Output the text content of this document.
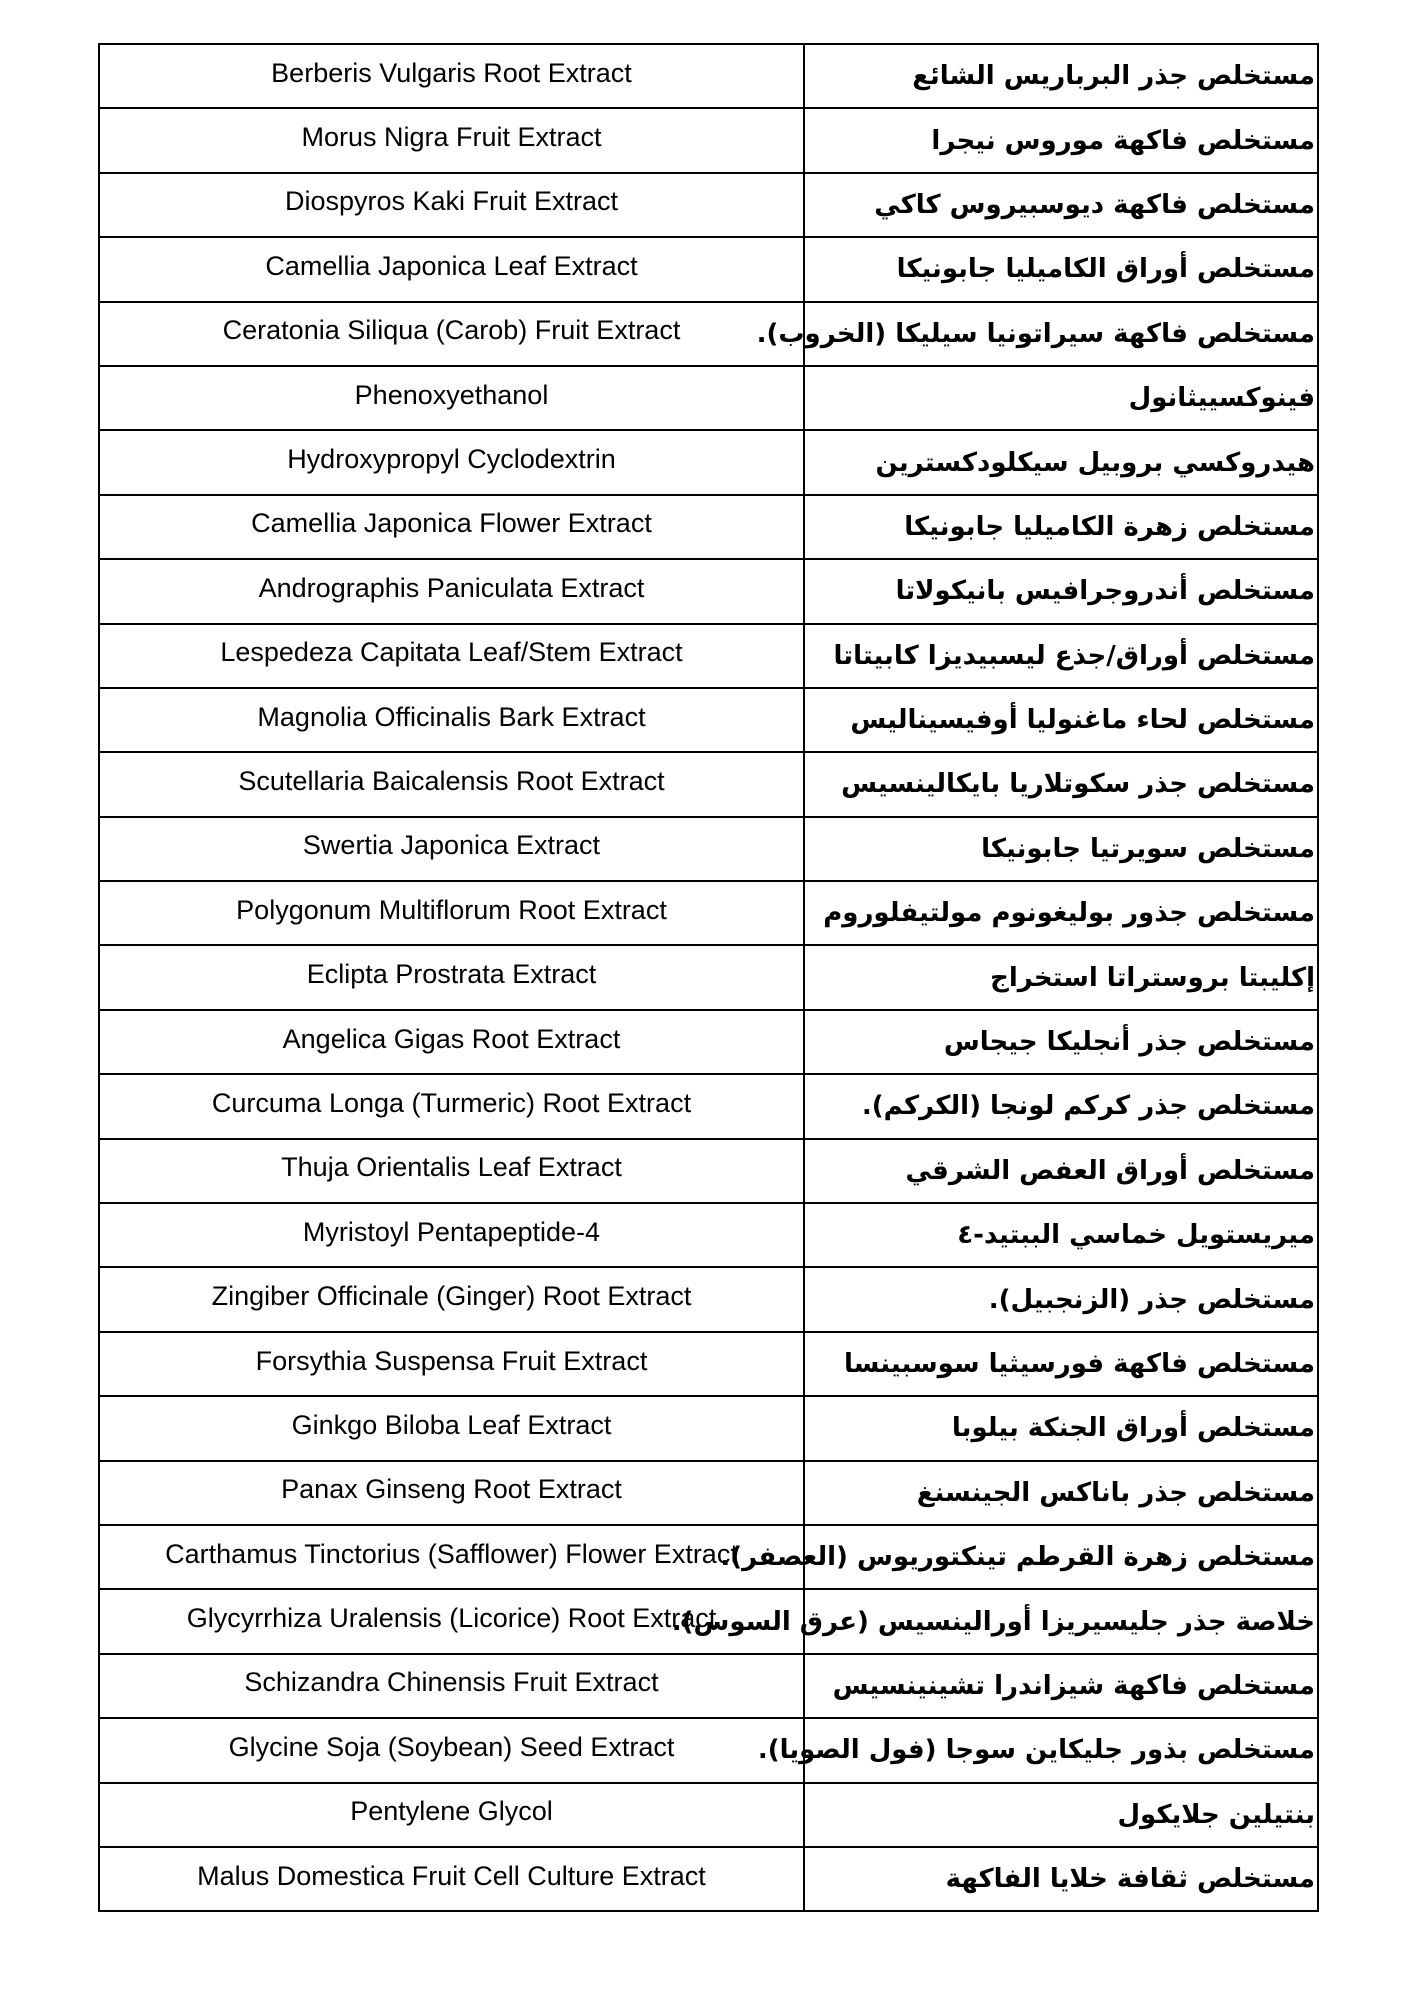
Berberis Vulgaris Root Extract	مستخلص جذر البرباريس الشائع
Morus Nigra Fruit Extract	مستخلص فاكهة موروس نيجرا
Diospyros Kaki Fruit Extract	مستخلص فاكهة ديوسبيروس كاكي
Camellia Japonica Leaf Extract	مستخلص أوراق الكاميليا جابونيكا
Ceratonia Siliqua (Carob) Fruit Extract	مستخلص فاكهة سيراتونيا سيليكا (الخروب).
Phenoxyethanol	فينوكسييثانول
Hydroxypropyl Cyclodextrin	هيدروكسي بروبيل سيكلودكسترين
Camellia Japonica Flower Extract	مستخلص زهرة الكاميليا جابونيكا
Andrographis Paniculata Extract	مستخلص أندروجرافيس بانيكولاتا
Lespedeza Capitata Leaf/Stem Extract	مستخلص أوراق/جذع ليسبيديزا كابيتاتا
Magnolia Officinalis Bark Extract	مستخلص لحاء ماغنوليا أوفيسيناليس
Scutellaria Baicalensis Root Extract	مستخلص جذر سكوتلاريا بايكالينسيس
Swertia Japonica Extract	مستخلص سويرتيا جابونيكا
Polygonum Multiflorum Root Extract	مستخلص جذور بوليغونوم مولتيفلوروم
Eclipta Prostrata Extract	إكليبتا بروستراتا استخراج
Angelica Gigas Root Extract	مستخلص جذر أنجليكا جيجاس
Curcuma Longa (Turmeric) Root Extract	مستخلص جذر كركم لونجا (الكركم).
Thuja Orientalis Leaf Extract	مستخلص أوراق العفص الشرقي
Myristoyl Pentapeptide-4	ميريستويل خماسي الببتيد-٤
Zingiber Officinale (Ginger) Root Extract	مستخلص جذر (الزنجبيل).
Forsythia Suspensa Fruit Extract	مستخلص فاكهة فورسيثيا سوسبينسا
Ginkgo Biloba Leaf Extract	مستخلص أوراق الجنكة بيلوبا
Panax Ginseng Root Extract	مستخلص جذر باناكس الجينسنغ
Carthamus Tinctorius (Safflower) Flower Extract	مستخلص زهرة القرطم تينكتوريوس (العصفر).
Glycyrrhiza Uralensis (Licorice) Root Extract	خلاصة جذر جليسيريزا أورالينسيس (عرق السوس).
Schizandra Chinensis Fruit Extract	مستخلص فاكهة شيزاندرا تشينينسيس
Glycine Soja (Soybean) Seed Extract	مستخلص بذور جليكاين سوجا (فول الصويا).
Pentylene Glycol	بنتيلين جلايكول
Malus Domestica Fruit Cell Culture Extract	مستخلص ثقافة خلايا الفاكهة
